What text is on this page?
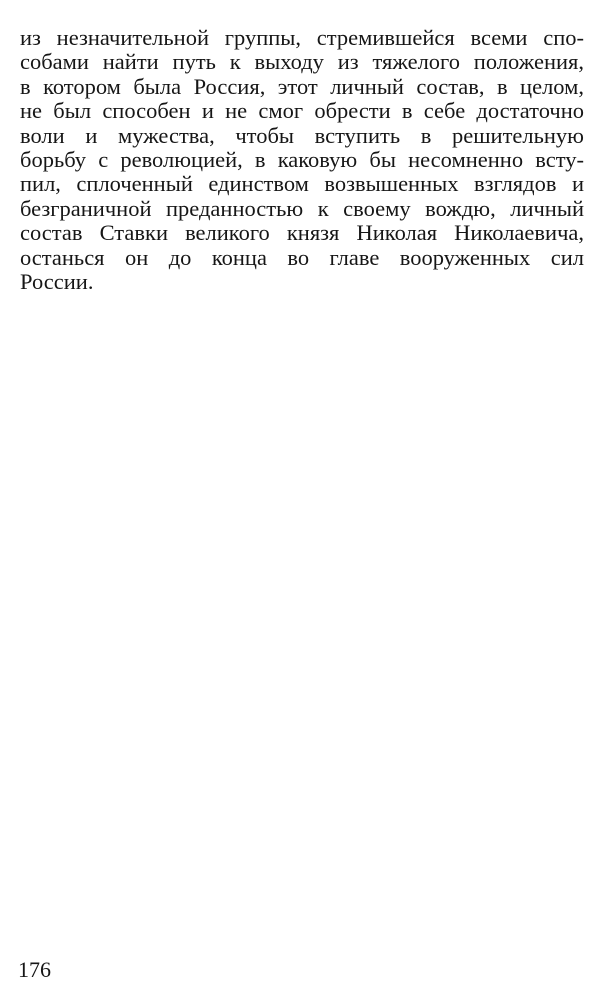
из незначительной группы, стремившейся всеми спо-
собами найти путь к выходу из тяжелого положения,
в котором была Россия, этот личный состав, в целом,
не был способен и не смог обрести в себе достаточно
воли и мужества, чтобы вступить в решительную
борьбу с революцией, в каковую бы несомненно всту-
пил, сплоченный единством возвышенных взглядов и
безграничной преданностью к своему вождю, личный
состав Ставки великого князя Николая Николаевича,
останься он до конца во главе вооруженных сил
России.
176
